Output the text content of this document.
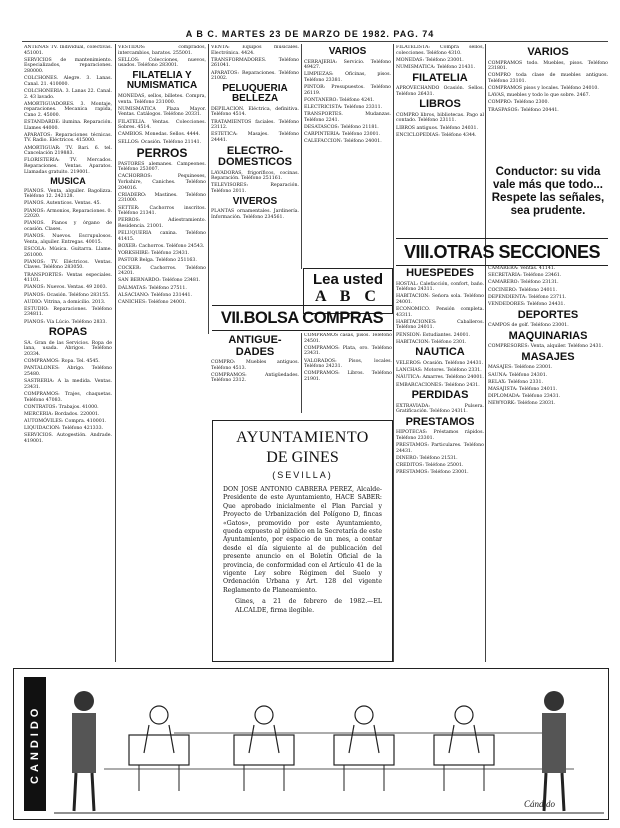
A B C. MARTES 23 DE MARZO DE 1982. PAG. 74

ANTENAS TV. Individual, colectivas. 451001.

SERVICIOS de mantenimiento. Especializados, reparaciones. 280000.

COLCHONES. Alegre. 3. Lanas. Canal. 21. 410000.

COLCHONERIA. 3. Lanas 22. Canal. 2. 43 lavado.

AMORTIGUADORES. 3. Montaje, reparaciones. Mecanica rapida, Cano 2. 45000.

ESTANDARDE: ilumina. Reparación. Llames 44000.

APARATOS: Reparaciones técnicas. TV. Radio. Eléctricos. 415000.

AMORTIGUAR: TV. Bari. 6. tel. Cancelación 219883.

FLORISTERIA: TV. Mercados. Reparaciones. Ventas. Aparatos. Llamadas gratuito. 219001.

MUSICA

PIANOS. Venta, alquiler. Bagolizza. Teléfono 12. 242128.

PIANOS. Autenticos. Ventas. 45.

PIANOS: Armonios, Reparaciones. 0. 22020.

PIANOS. Pianos y órgano de ocasión. Clases.

PIANOS. Nuevos. Escrupulosos. Venta, alquiler. Entregas. 40015.

ESCOLA: Música. Guitarra. Llame. 261000.

PIANOS: TV. Eléctricos. Ventas. Claves. Teléfono 283050.

TRANSPORTES: Ventas especiales. 41101.

PIANOS: Nuevos. Ventas. 49 2003.

PIANOS: Ocasión. Teléfono 283155.

AUDIO: Vitrina, a domicilio. 2013.

ESTUDIO: Reparaciones. Teléfono 234811.

PIANOS: Vía Lúcio. Teléfono 2833.

ROPAS

SA. Gran de las Servicios. Ropa de lana, usada. Abrigos. Teléfono 20334.

COMPRAMOS: Ropa. Tel. 4545.

PANTALONES: Abrigo. Teléfono 25480.

SASTRERIA: A la medida. Ventas. 23431.

COMPRAMOS: Trajes, chaquetas. Teléfono 47083.

CONTRATOS: Trabajos. 41000.

MERCERIA: Bordados. 220001.

AUTOMÓVILES: Compra. 410001.

LIQUIDACION: Teléfono 421333.

SERVICIOS. Autogestión. Andrade. 419001.

VESTIDOS: comprados, intercambios, baratos. 255001.

SELLOS: Colecciones, nuevos, usados. Teléfono 283001.

FILATELIA Y NUMISMATICA

MONEDAS, sellos, billetes. Compra, venta. Teléfono 231000.

NUMISMATICA Plaza Mayor. Ventas. Catálogos. Teléfono 20331.

FILATELIA. Ventas. Colecciones. Sobres. 4514.

CAMBIOS. Monedas. Sellos. 4444.

SELLOS: Ocasión. Teléfono 21141.

PERROS

PASTORES alemanes. Campeones. Teléfono 253007.

CACHORROS: Pequineses, Yorkshire, Caniches. Teléfono 204016.

CRIADERO: Mastines. Teléfono 231000.

SETTER: Cachorros inscritos. Teléfono 21341.

PERROS: Adiestramiento. Residencia. 21001.

PELUQUERIA canina. Teléfono 41415.

BOXER: Cachorros. Teléfono 24543.

YORKSHIRE: Teléfono 23431.

PASTOR Belga. Teléfono 251163.

COCKER: Cachorros. Teléfono 24201.

SAN BERNARDO: Teléfono 23481.

DÁLMATAS: Teléfono 27511.

ALSACIANO: Teléfono 231441.

CANICHES: Teléfono 24001.

VENTA: Equipos musicales. Electrónica. 4424.

TRANSFORMADORES. Teléfono 261041.

APARATOS: Reparaciones. Teléfono 21002.

PELUQUERIA BELLEZA

DEPILACION. Eléctrica, definitiva. Teléfono 4514.

TRATAMIENTOS faciales. Teléfono 23112.

ESTETICA: Masajes. Teléfono 24441.

ELECTRO-DOMESTICOS

LAVADORAS, frigoríficos, cocinas. Reparación. Teléfono 251161.

TELEVISORES: Reparación. Teléfono 2011.

VIVEROS

PLANTAS ornamentales. Jardinería. Información. Teléfono 234561.

VARIOS

CERRAJERIA: Servicio. Teléfono 49427.

LIMPIEZAS: Oficinas, pisos. Teléfono 23381.

PINTOR: Presupuestos. Teléfono 26119.

FONTANERO: Teléfono 4241.

ELECTRICISTA: Teléfono 23311.

TRANSPORTES. Mudanzas. Teléfono 2241.

DESATASCOS: Teléfono 21181.

CARPINTERIA: Teléfono 23001.

CALEFACCION: Teléfono 24001.

Lea usted
A B C
VII.BOLSA COMPRAS
ANTIGUE-DADES

COMPRO: Muebles antiguos. Teléfono 4513.

COMPRAMOS: Antigüedades. Teléfono 2312.

COMPRAMOS casas, pisos. Teléfono 24501.

COMPRAMOS: Plata, oro. Teléfono 23431.

VALORADOS: Pisos, locales. Teléfono 24231.

COMPRAMOS: Libros. Teléfono 21901.

FILATELISTA: Compra sellos, colecciones. Teléfono 4310.

MONEDAS: Teléfono 23001.

NUMISMATICA: Teléfono 21431.

FILATELIA

APROVECHANDO Ocasión. Sellos. Teléfono 26431.

LIBROS

COMPRO libros, bibliotecas. Pago al contado. Teléfono 23111.

LIBROS antiguos. Teléfono 24031.

ENCICLOPEDIAS: Teléfono 4344.

VARIOS

COMPRAMOS todo. Muebles, pisos. Teléfono 231801.

COMPRO toda clase de muebles antiguos. Teléfono 23101.

COMPRAMOS pisos y locales. Teléfono 24010.

LAVAS, muebles y todo lo que sobre. 2467.

COMPRO: Teléfono 2300.

TRASPASOS: Teléfono 20441.

Conductor: su vida vale más que todo... Respete las señales, sea prudente.
VIII.OTRAS SECCIONES
HUESPEDES

HOSTAL: Calefacción, confort, baño. Teléfono 24311.

HABITACION: Señora sola. Teléfono 24001.

ECONOMICO. Pensión completa. 43311.

HABITACIONES: Caballeros. Teléfono 24011.

PENSION: Estudiantes. 24001.

HABITACION: Teléfono 2301.

NAUTICA

VELEROS: Ocasión. Teléfono 24431.

LANCHAS: Motores. Teléfono 2331.

NÁUTICA: Amarres. Teléfono 24001.

EMBARCACIONES: Teléfono 2431.

PERDIDAS

EXTRAVIADA: Pulsera. Gratificación. Teléfono 24311.

PRESTAMOS

HIPOTECAS: Préstamos rápidos. Teléfono 23301.

PRESTAMOS: Particulares. Teléfono 24431.

DINERO: Teléfono 21531.

CREDITOS: Teléfono 25001.

PRESTAMOS: Teléfono 23001.

CAMARERA: Ventas. 41141.

SECRETARIA: Teléfono 23461.

CAMARERO: Teléfono 23131.

COCINERO: Teléfono 24011.

DEPENDIENTA: Teléfono 23711.

VENDEDORES: Teléfono 24431.

DEPORTES

CAMPOS de golf. Teléfono 23001.

MAQUINARIAS

COMPRESORES: Venta, alquiler. Teléfono 2431.

MASAJES

MASAJES: Teléfono 23001.

SAUNA: Teléfono 24301.

RELAX: Teléfono 2331.

MASAJISTA: Teléfono 24011.

DIPLOMADA: Teléfono 23431.

NEWYORK: Teléfono 23031.

AYUNTAMIENTO
DE GINES
(SEVILLA)
DON JOSE ANTONIO CABRERA PEREZ, Alcalde-Presidente de este Ayuntamiento, HACE SABER: Que aprobado inicialmente el Plan Parcial y Proyecto de Urbanización del Polígono D, fincas «Gatos», promovido por este Ayuntamiento, queda expuesto al público en la Secretaría de este Ayuntamiento, por espacio de un mes, a contar desde el día siguiente al de publicación del presente anuncio en el Boletín Oficial de la provincia, de conformidad con el Artículo 41 de la vigente Ley sobre Régimen del Suelo y Ordenación Urbana y Art. 128 del vigente Reglamento de Planeamiento.
Gines, a 21 de febrero de 1982.—EL ALCALDE, firma ilegible.
CANDIDO
Cándido
